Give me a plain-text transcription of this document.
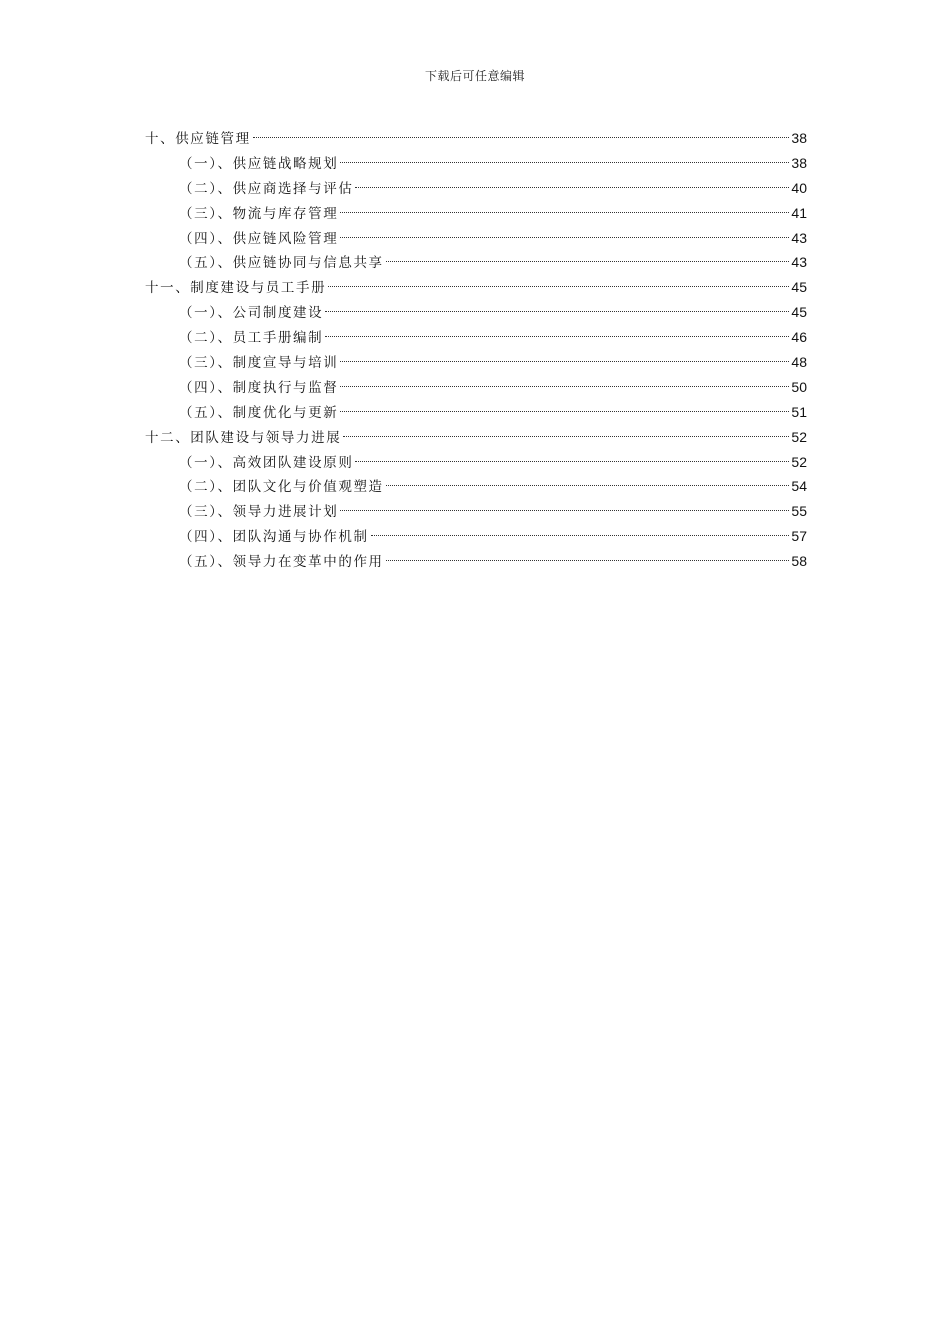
下载后可任意编辑
十、供应链管理	38
（一）、供应链战略规划	38
（二）、供应商选择与评估	40
（三）、物流与库存管理	41
（四）、供应链风险管理	43
（五）、供应链协同与信息共享	43
十一、制度建设与员工手册	45
（一）、公司制度建设	45
（二）、员工手册编制	46
（三）、制度宣导与培训	48
（四）、制度执行与监督	50
（五）、制度优化与更新	51
十二、团队建设与领导力进展	52
（一）、高效团队建设原则	52
（二）、团队文化与价值观塑造	54
（三）、领导力进展计划	55
（四）、团队沟通与协作机制	57
（五）、领导力在变革中的作用	58
